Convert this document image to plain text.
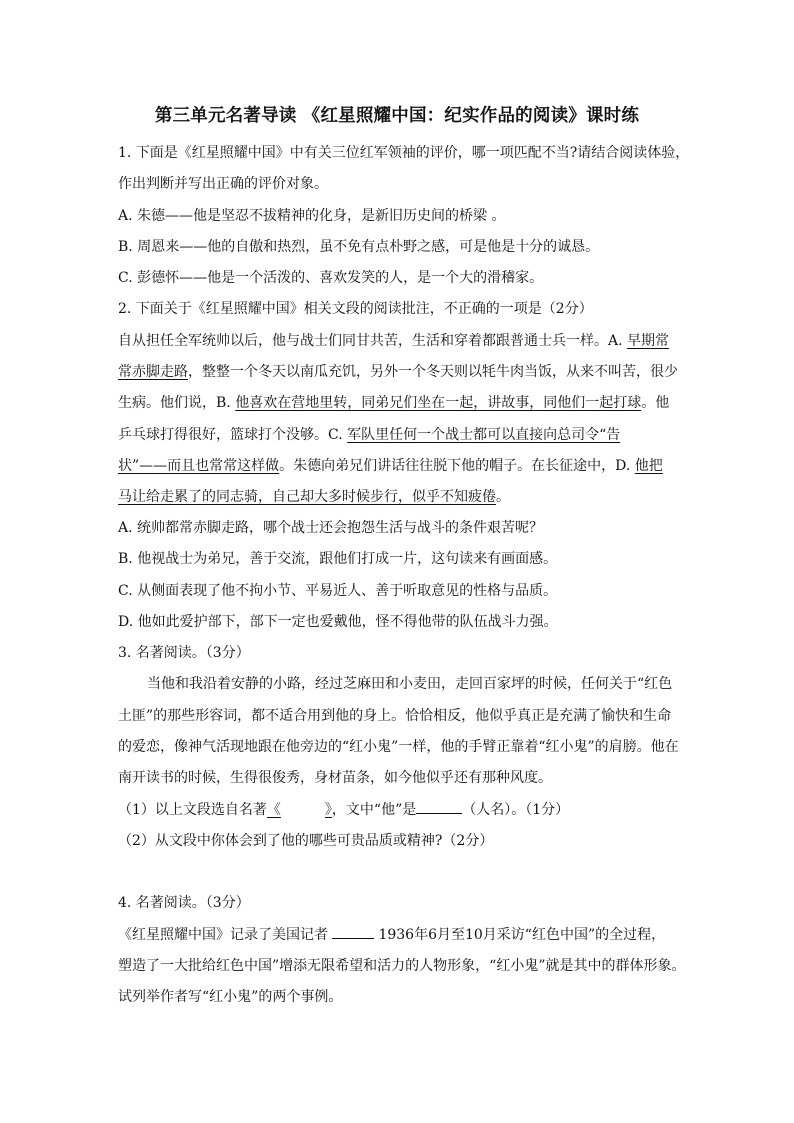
第三单元名著导读 《红星照耀中国：纪实作品的阅读》课时练
1. 下面是《红星照耀中国》中有关三位红军领袖的评价，哪一项匹配不当?请结合阅读体验，
作出判断并写出正确的评价对象。
A. 朱德——他是坚忍不拔精神的化身，是新旧历史间的桥梁 。
B. 周恩来——他的自傲和热烈，虽不免有点朴野之感，可是他是十分的诚恳。
C. 彭德怀——他是一个活泼的、喜欢发笑的人，是一个大的滑稽家。
2. 下面关于《红星照耀中国》相关文段的阅读批注，不正确的一项是（2分）
自从担任全军统帅以后，他与战士们同甘共苦，生活和穿着都跟普通士兵一样。A. 早期常
常赤脚走路，整整一个冬天以南瓜充饥，另外一个冬天则以牦牛肉当饭，从来不叫苦，很少
生病。他们说，B. 他喜欢在营地里转，同弟兄们坐在一起，讲故事，同他们一起打球。他
乒乓球打得很好，篮球打个没够。C. 军队里任何一个战士都可以直接向总司令“告
状”——而且也常常这样做。朱德向弟兄们讲话往往脱下他的帽子。在长征途中，D. 他把
马让给走累了的同志骑，自己却大多时候步行，似乎不知疲倦。
A. 统帅都常赤脚走路，哪个战士还会抱怨生活与战斗的条件艰苦呢？
B. 他视战士为弟兄，善于交流，跟他们打成一片，这句读来有画面感。
C. 从侧面表现了他不拘小节、平易近人、善于听取意见的性格与品质。
D. 他如此爱护部下，部下一定也爱戴他，怪不得他带的队伍战斗力强。
3. 名著阅读。（3分）
当他和我沿着安静的小路，经过芝麻田和小麦田，走回百家坪的时候，任何关于“红色
土匪”的那些形容词，都不适合用到他的身上。恰恰相反，他似乎真正是充满了愉快和生命
的爱恋，像神气活现地跟在他旁边的“红小鬼”一样，他的手臂正靠着“红小鬼”的肩膀。他在
南开读书的时候，生得很俊秀，身材苗条，如今他似乎还有那种风度。
（1）以上文段选自名著《	》，文中“他”是	（人名）。（1分）
（2）从文段中你体会到了他的哪些可贵品质或精神?（2分）
4. 名著阅读。（3分）
《红星照耀中国》记录了美国记者	1936年6月至10月采访“红色中国”的全过程，
塑造了一大批给红色中国”增添无限希望和活力的人物形象，“红小鬼”就是其中的群体形象。
试列举作者写“红小鬼”的两个事例。
